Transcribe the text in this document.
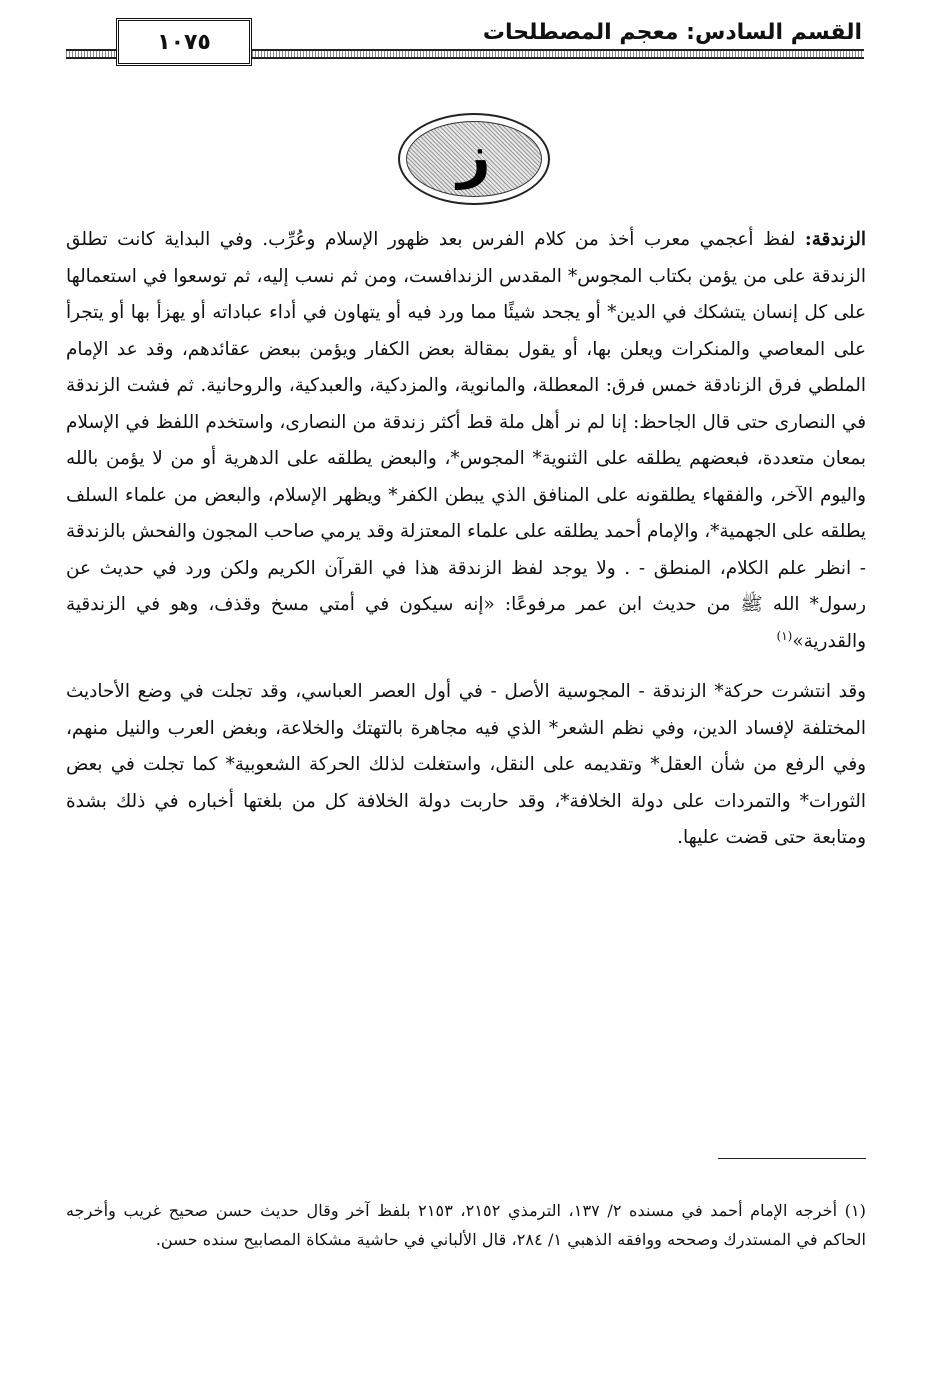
١٠٧٥	القسم السادس: معجم المصطلحات
ز

الزندقة: لفظ أعجمي معرب أخذ من كلام الفرس بعد ظهور الإسلام وعُرِّب. وفي البداية كانت تطلق الزندقة على من يؤمن بكتاب المجوس* المقدس الزندافست، ومن ثم نسب إليه، ثم توسعوا في استعمالها على كل إنسان يتشكك في الدين* أو يجحد شيئًا مما ورد فيه أو يتهاون في أداء عباداته أو يهزأ بها أو يتجرأ على المعاصي والمنكرات ويعلن بها، أو يقول بمقالة بعض الكفار ويؤمن ببعض عقائدهم، وقد عد الإمام الملطي فرق الزنادقة خمس فرق: المعطلة، والمانوية، والمزدكية، والعبدكية، والروحانية. ثم فشت الزندقة في النصارى حتى قال الجاحظ: إنا لم نر أهل ملة قط أكثر زندقة من النصارى، واستخدم اللفظ في الإسلام بمعان متعددة، فبعضهم يطلقه على الثنوية* المجوس*، والبعض يطلقه على الدهرية أو من لا يؤمن بالله واليوم الآخر، والفقهاء يطلقونه على المنافق الذي يبطن الكفر* ويظهر الإسلام، والبعض من علماء السلف يطلقه على الجهمية*، والإمام أحمد يطلقه على علماء المعتزلة وقد يرمي صاحب المجون والفحش بالزندقة - انظر علم الكلام، المنطق - . ولا يوجد لفظ الزندقة هذا في القرآن الكريم ولكن ورد في حديث عن رسول* الله ﷺ من حديث ابن عمر مرفوعًا: «إنه سيكون في أمتي مسخ وقذف، وهو في الزندقية والقدرية»$^{(١)}$

وقد انتشرت حركة* الزندقة - المجوسية الأصل - في أول العصر العباسي، وقد تجلت في وضع الأحاديث المختلفة لإفساد الدين، وفي نظم الشعر* الذي فيه مجاهرة بالتهتك والخلاعة، وبغض العرب والنيل منهم، وفي الرفع من شأن العقل* وتقديمه على النقل، واستغلت لذلك الحركة الشعوبية* كما تجلت في بعض الثورات* والتمردات على دولة الخلافة*، وقد حاربت دولة الخلافة كل من بلغتها أخباره في ذلك بشدة ومتابعة حتى قضت عليها.

(١) أخرجه الإمام أحمد في مسنده ٢/ ١٣٧، الترمذي ٢١٥٢، ٢١٥٣ بلفظ آخر وقال حديث حسن صحيح غريب وأخرجه الحاكم في المستدرك وصححه ووافقه الذهبي ١/ ٢٨٤، قال الألباني في حاشية مشكاة المصابيح سنده حسن.
